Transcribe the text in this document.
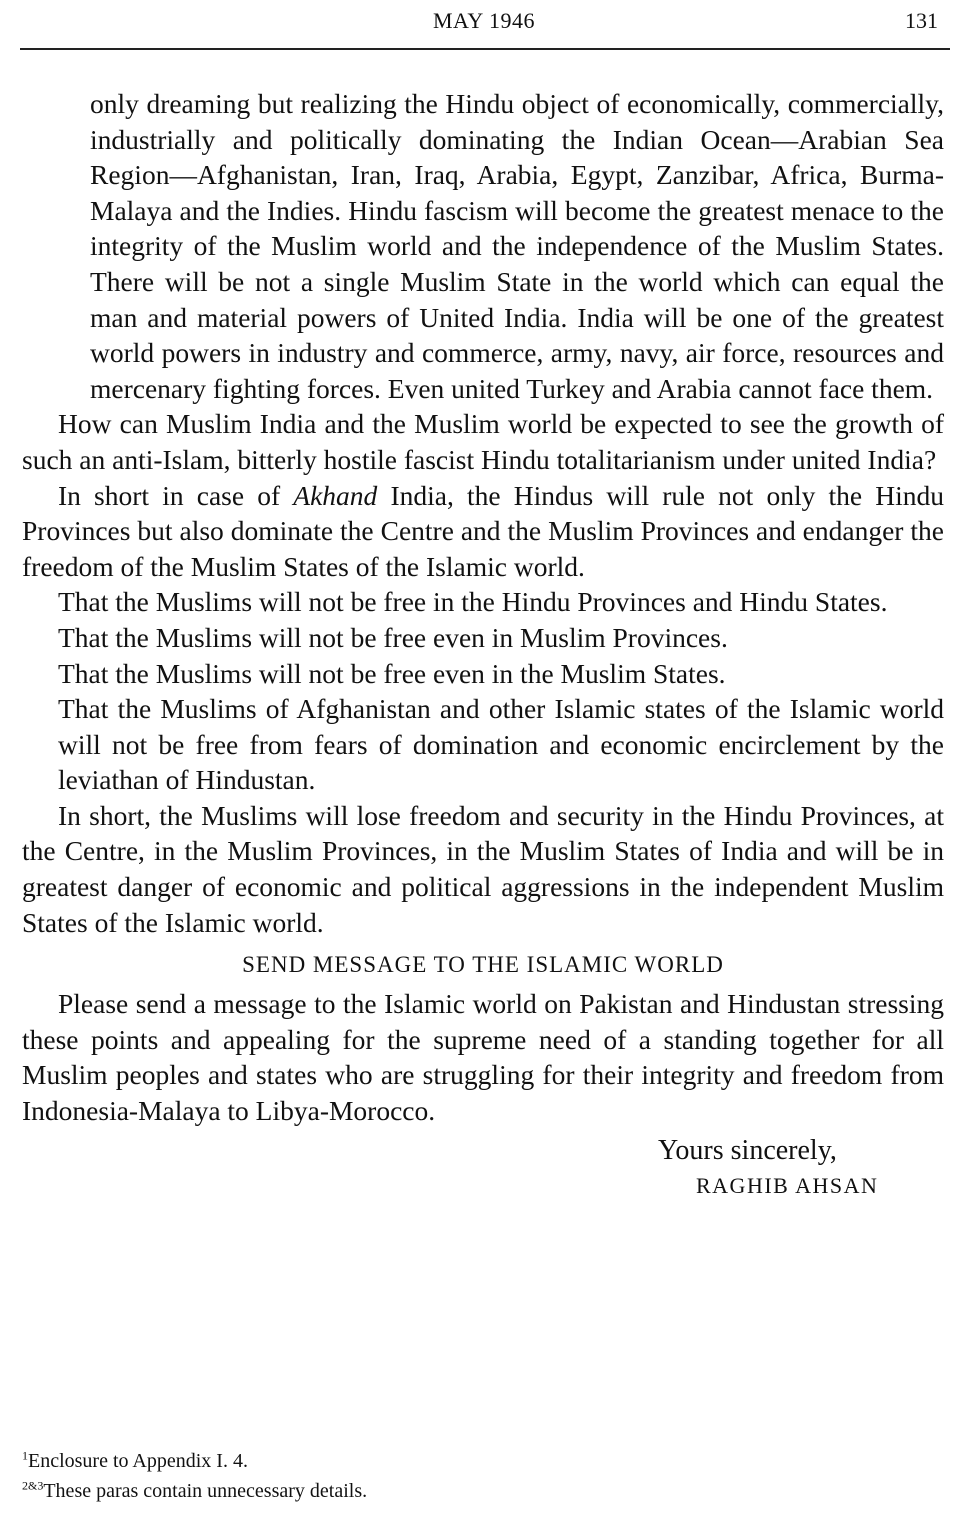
MAY 1946	131

only dreaming but realizing the Hindu object of economically, commercially, industrially and politically dominating the Indian Ocean—Arabian Sea Region—Afghanistan, Iran, Iraq, Arabia, Egypt, Zanzibar, Africa, Burma-Malaya and the Indies. Hindu fascism will become the greatest menace to the integrity of the Muslim world and the independence of the Muslim States. There will be not a single Muslim State in the world which can equal the man and material powers of United India. India will be one of the greatest world powers in industry and commerce, army, navy, air force, resources and mercenary fighting forces. Even united Turkey and Arabia cannot face them.

How can Muslim India and the Muslim world be expected to see the growth of such an anti-Islam, bitterly hostile fascist Hindu totalitarianism under united India?

In short in case of Akhand India, the Hindus will rule not only the Hindu Provinces but also dominate the Centre and the Muslim Provinces and endanger the freedom of the Muslim States of the Islamic world.

That the Muslims will not be free in the Hindu Provinces and Hindu States.

That the Muslims will not be free even in Muslim Provinces.

That the Muslims will not be free even in the Muslim States.

That the Muslims of Afghanistan and other Islamic states of the Islamic world will not be free from fears of domination and economic encirclement by the leviathan of Hindustan.

In short, the Muslims will lose freedom and security in the Hindu Provinces, at the Centre, in the Muslim Provinces, in the Muslim States of India and will be in greatest danger of economic and political aggressions in the independent Muslim States of the Islamic world.

SEND MESSAGE TO THE ISLAMIC WORLD

Please send a message to the Islamic world on Pakistan and Hindustan stressing these points and appealing for the supreme need of a standing together for all Muslim peoples and states who are struggling for their integrity and freedom from Indonesia-Malaya to Libya-Morocco.

Yours sincerely,
RAGHIB AHSAN
$^1$Enclosure to Appendix I. 4.
$^{2\&3}$These paras contain unnecessary details.
